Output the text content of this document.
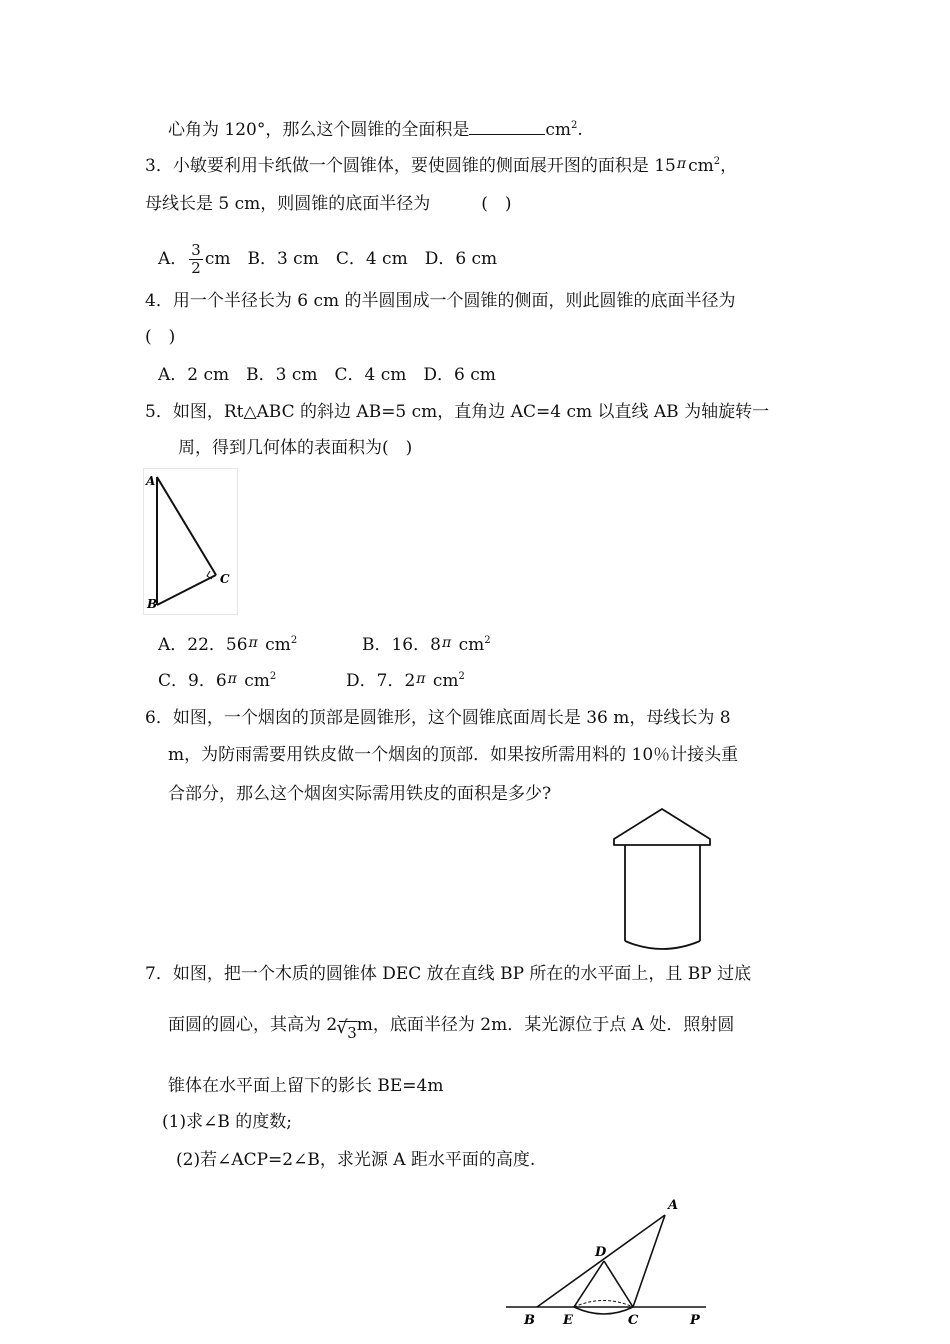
心角为 120°，那么这个圆锥的全面积是	$cm^2$.
3．小敏要利用卡纸做一个圆锥体，要使圆锥的侧面展开图的面积是 15π $cm^2$，
母线长是 5 cm，则圆锥的底面半径为　　　(　)
A． $\frac{3}{2}$ cm　B．3 cm　C．4 cm　D．6 cm
4．用一个半径长为 6 cm 的半圆围成一个圆锥的侧面，则此圆锥的底面半径为
(　)
A．2 cm　B．3 cm　C．4 cm　D．6 cm
5．如图，Rt△ABC 的斜边 AB=5 cm，直角边 AC=4 cm 以直线 AB 为轴旋转一
周，得到几何体的表面积为(　)
A
B
C
A．22．56π $cm^2$	B．16．8π $cm^2$
C．9．6π $cm^2$	D．7．2π $cm^2$
6．如图，一个烟囱的顶部是圆锥形，这个圆锥底面周长是 36 m，母线长为 8
m，为防雨需要用铁皮做一个烟囱的顶部．如果按所需用料的 10％计接头重
合部分，那么这个烟囱实际需用铁皮的面积是多少?
7．如图，把一个木质的圆锥体 DEC 放在直线 BP 所在的水平面上，且 BP 过底
面圆的圆心，其高为 2√ 3m，底面半径为 2m．某光源位于点 A 处．照射圆
锥体在水平面上留下的影长 BE=4m
(1)求∠B 的度数;
(2)若∠ACP=2∠B，求光源 A 距水平面的高度.
A
D
B E	C	P
